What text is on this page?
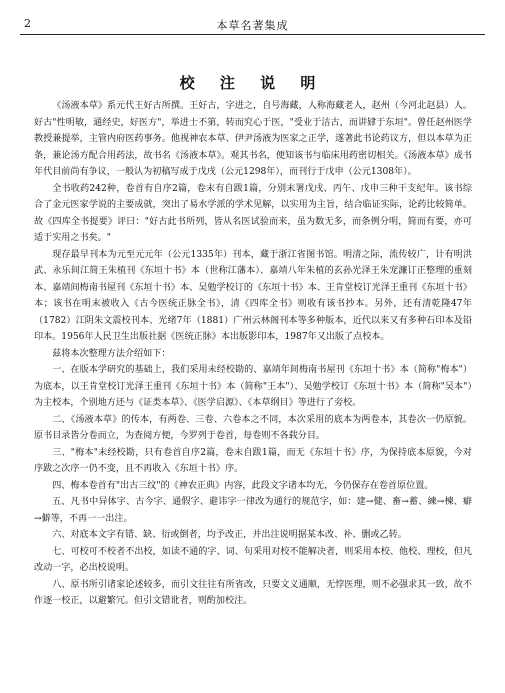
2	本草名著集成
校 注 说 明

《汤液本草》系元代王好古所撰。王好古，字进之，自号海藏，人称海藏老人，赵州（今河北赵县）人。好古"性明敏，通经史，好医方"，举进士不第，转而究心于医，"受业于洁古，而讲肄于东垣"。曾任赵州医学教授兼提举，主管内府医药事务。他视神农本草、伊尹汤液为医家之正学，遂著此书论药议方，但以本草为正条，兼论汤方配合用药法，故书名《汤液本草》。观其书名，便知该书与临床用药密切相关。《汤液本草》成书年代目前尚有争议，一般认为初稿写成于戊戌（公元1298年），而刊行于戊申（公元1308年）。

全书收药242种，卷首有自序2篇，卷末有自跋1篇，分别末署戊戌、丙午、戊申三种干支纪年。该书综合了金元医家学说的主要成就，突出了易水学派的学术见解，以实用为主旨，结合临证实际，论药比较简单。故《四库全书提要》评曰："好古此书所列，皆从名医试验而来，虽为数无多，而条例分明，简而有要，亦可适于实用之书矣。"

现存最早刊本为元至元元年（公元1335年）刊本，藏于浙江省图书馆。明清之际，流传较广，计有明洪武、永乐间江简王朱植刊《东垣十书》本（世称江藩本）、嘉靖八年朱植的玄孙光泽王朱宠濂订正整理的重刻本、嘉靖间梅南书屋刊《东垣十书》本、吴勉学校订的《东垣十书》本、王肯堂校订光泽王重刊《东垣十书》本；该书在明末被收入《古今医统正脉全书》，清《四库全书》则收有该书抄本。另外，还有清乾隆47年（1782）江阴朱文震校刊本、光绪7年（1881）广州云林阁刊本等多种版本，近代以来又有多种石印本及铅印本。1956年人民卫生出版社据《医统正脉》本出版影印本，1987年又出版了点校本。

兹将本次整理方法介绍如下：

一、在版本学研究的基础上，我们采用未经校勘的、嘉靖年间梅南书屋刊《东垣十书》本（简称"梅本"）为底本，以王肯堂校订光泽王重刊《东垣十书》本（简称"王本"）、吴勉学校订《东垣十书》本（简称"吴本"）为主校本，个别地方还与《证类本草》、《医学启源》、《本草纲目》等进行了旁校。

二、《汤液本草》的传本，有两卷、三卷、六卷本之不同，本次采用的底本为两卷本，其卷次一仍原貌。原书目录皆分卷而立，为查阅方便，今罗列于卷首，每卷则不各载分目。

三、"梅本"未经校勘，只有卷首自序2篇，卷末自跋1篇，而无《东垣十书》序，为保持底本原貌，今对序跋之次序一仍不变，且不再收入《东垣十书》序。

四、梅本卷首有"出古三纹"的《神农正典》内容，此段文字诸本均无，今仍保存在卷首原位置。

五、凡书中异体字、古今字、通假字、避讳字一律改为通行的规范字，如：建→健、畜→蓄、練→楝、癖→僻等，不再一一出注。

六、对底本文字有错、缺、衍或倒者，均予改正，并出注说明据某本改、补、删或乙转。

七、可校可不校者不出校，如读不通的字、词、句采用对校不能解决者，则采用本校、他校、理校，但凡改动一字，必出校说明。

八、原书所引诸家论述较多，而引文往往有所省改，只要文义通顺，无悖医理，则不必强求其一致，故不作逐一校正，以避繁冗。但引文错讹者，则酌加校注。
